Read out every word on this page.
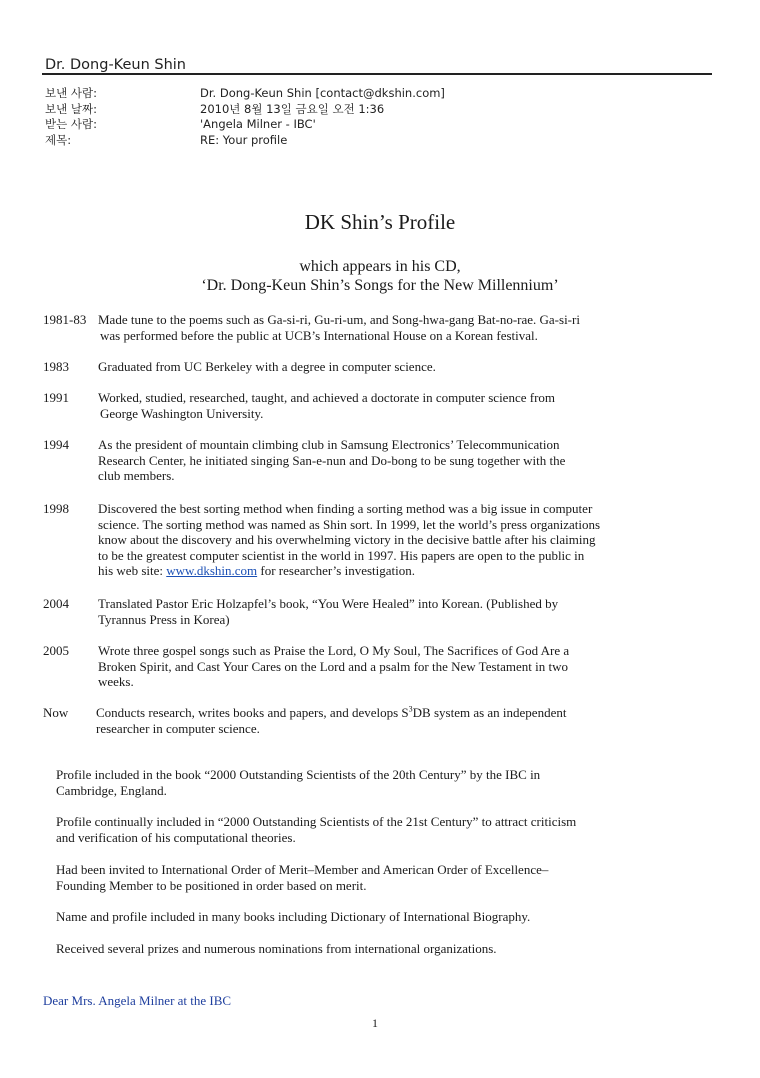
Dr. Dong-Keun Shin
보낸 사람:	Dr. Dong-Keun Shin [contact@dkshin.com]
보낸 날짜:	2010년 8월 13일 금요일 오전 1:36
받는 사람:	'Angela Milner - IBC'
제목:	RE: Your profile
DK Shin’s Profile
which appears in his CD,
‘Dr. Dong-Keun Shin’s Songs for the New Millennium’
1981-83 Made tune to the poems such as Ga-si-ri, Gu-ri-um, and Song-hwa-gang Bat-no-rae. Ga-si-ri
was performed before the public at UCB’s International House on a Korean festival.
1983 Graduated from UC Berkeley with a degree in computer science.
1991 Worked, studied, researched, taught, and achieved a doctorate in computer science from
George Washington University.
1994 As the president of mountain climbing club in Samsung Electronics’ Telecommunication
Research Center, he initiated singing San-e-nun and Do-bong to be sung together with the
club members.
1998 Discovered the best sorting method when finding a sorting method was a big issue in computer
science. The sorting method was named as Shin sort. In 1999, let the world’s press organizations
know about the discovery and his overwhelming victory in the decisive battle after his claiming
to be the greatest computer scientist in the world in 1997. His papers are open to the public in
his web site: www.dkshin.com for researcher’s investigation.
2004 Translated Pastor Eric Holzapfel’s book, “You Were Healed” into Korean. (Published by
Tyrannus Press in Korea)
2005 Wrote three gospel songs such as Praise the Lord, O My Soul, The Sacrifices of God Are a
Broken Spirit, and Cast Your Cares on the Lord and a psalm for the New Testament in two
weeks.
Now Conducts research, writes books and papers, and develops $S^3DB$ system as an independent
researcher in computer science.
Profile included in the book “2000 Outstanding Scientists of the 20th Century” by the IBC in
Cambridge, England.
Profile continually included in “2000 Outstanding Scientists of the 21st Century” to attract criticism
and verification of his computational theories.
Had been invited to International Order of Merit–Member and American Order of Excellence–
Founding Member to be positioned in order based on merit.
Name and profile included in many books including Dictionary of International Biography.
Received several prizes and numerous nominations from international organizations.
Dear Mrs. Angela Milner at the IBC
1
